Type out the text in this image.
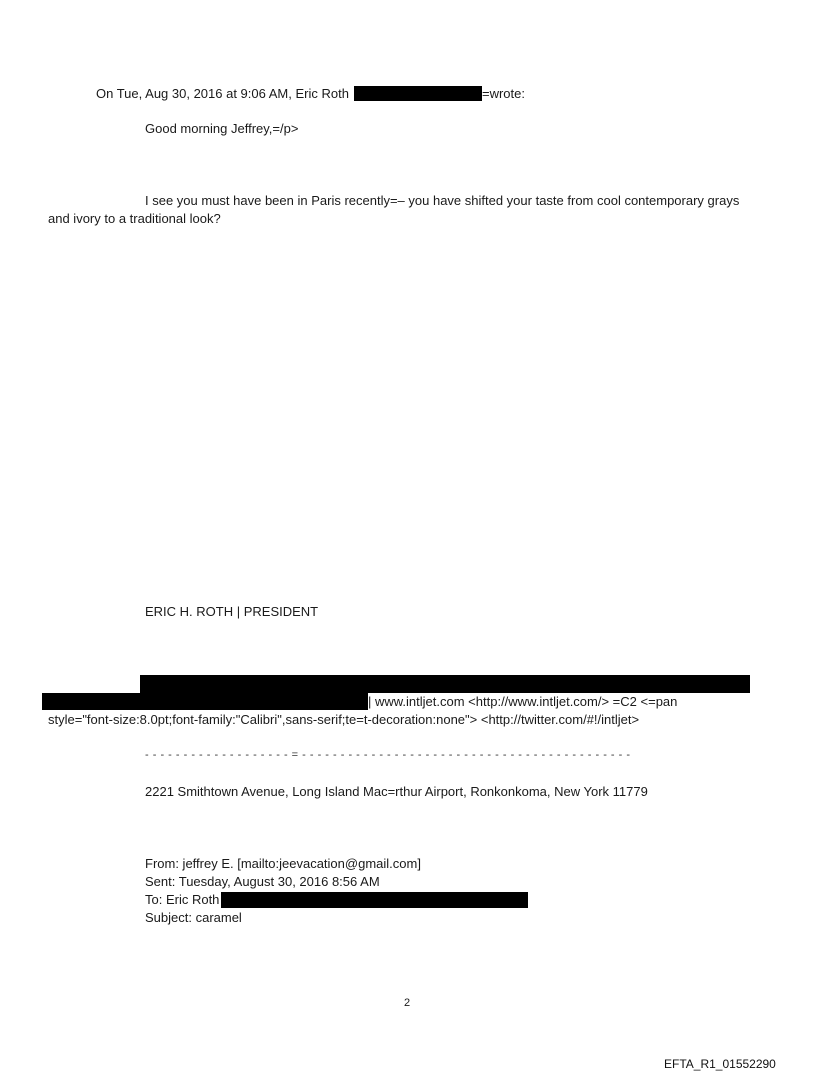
On Tue, Aug 30, 2016 at 9:06 AM, Eric Roth	=wrote:
Good morning Jeffrey,=/p>
I see you must have been in Paris recently=– you have shifted your taste from cool contemporary grays
and ivory to a traditional look?
ERIC H. ROTH | PRESIDENT
| www.intljet.com <http://www.intljet.com/> =C2 <=pan
style="font-size:8.0pt;font-family:"Calibri",sans-serif;te=t-decoration:none"> <http://twitter.com/#!/intljet>
- - - - - - - - - - - - - - - - - - - = - - - - - - - - - - - - - - - - - - - - - - - - - - - - - - - - - - - - - - - - - - -
2221 Smithtown Avenue, Long Island Mac=rthur Airport, Ronkonkoma, New York 11779
From: jeffrey E. [mailto:jeevacation@gmail.com]
Sent: Tuesday, August 30, 2016 8:56 AM
To: Eric Roth
Subject: caramel
2
EFTA_R1_01552290
